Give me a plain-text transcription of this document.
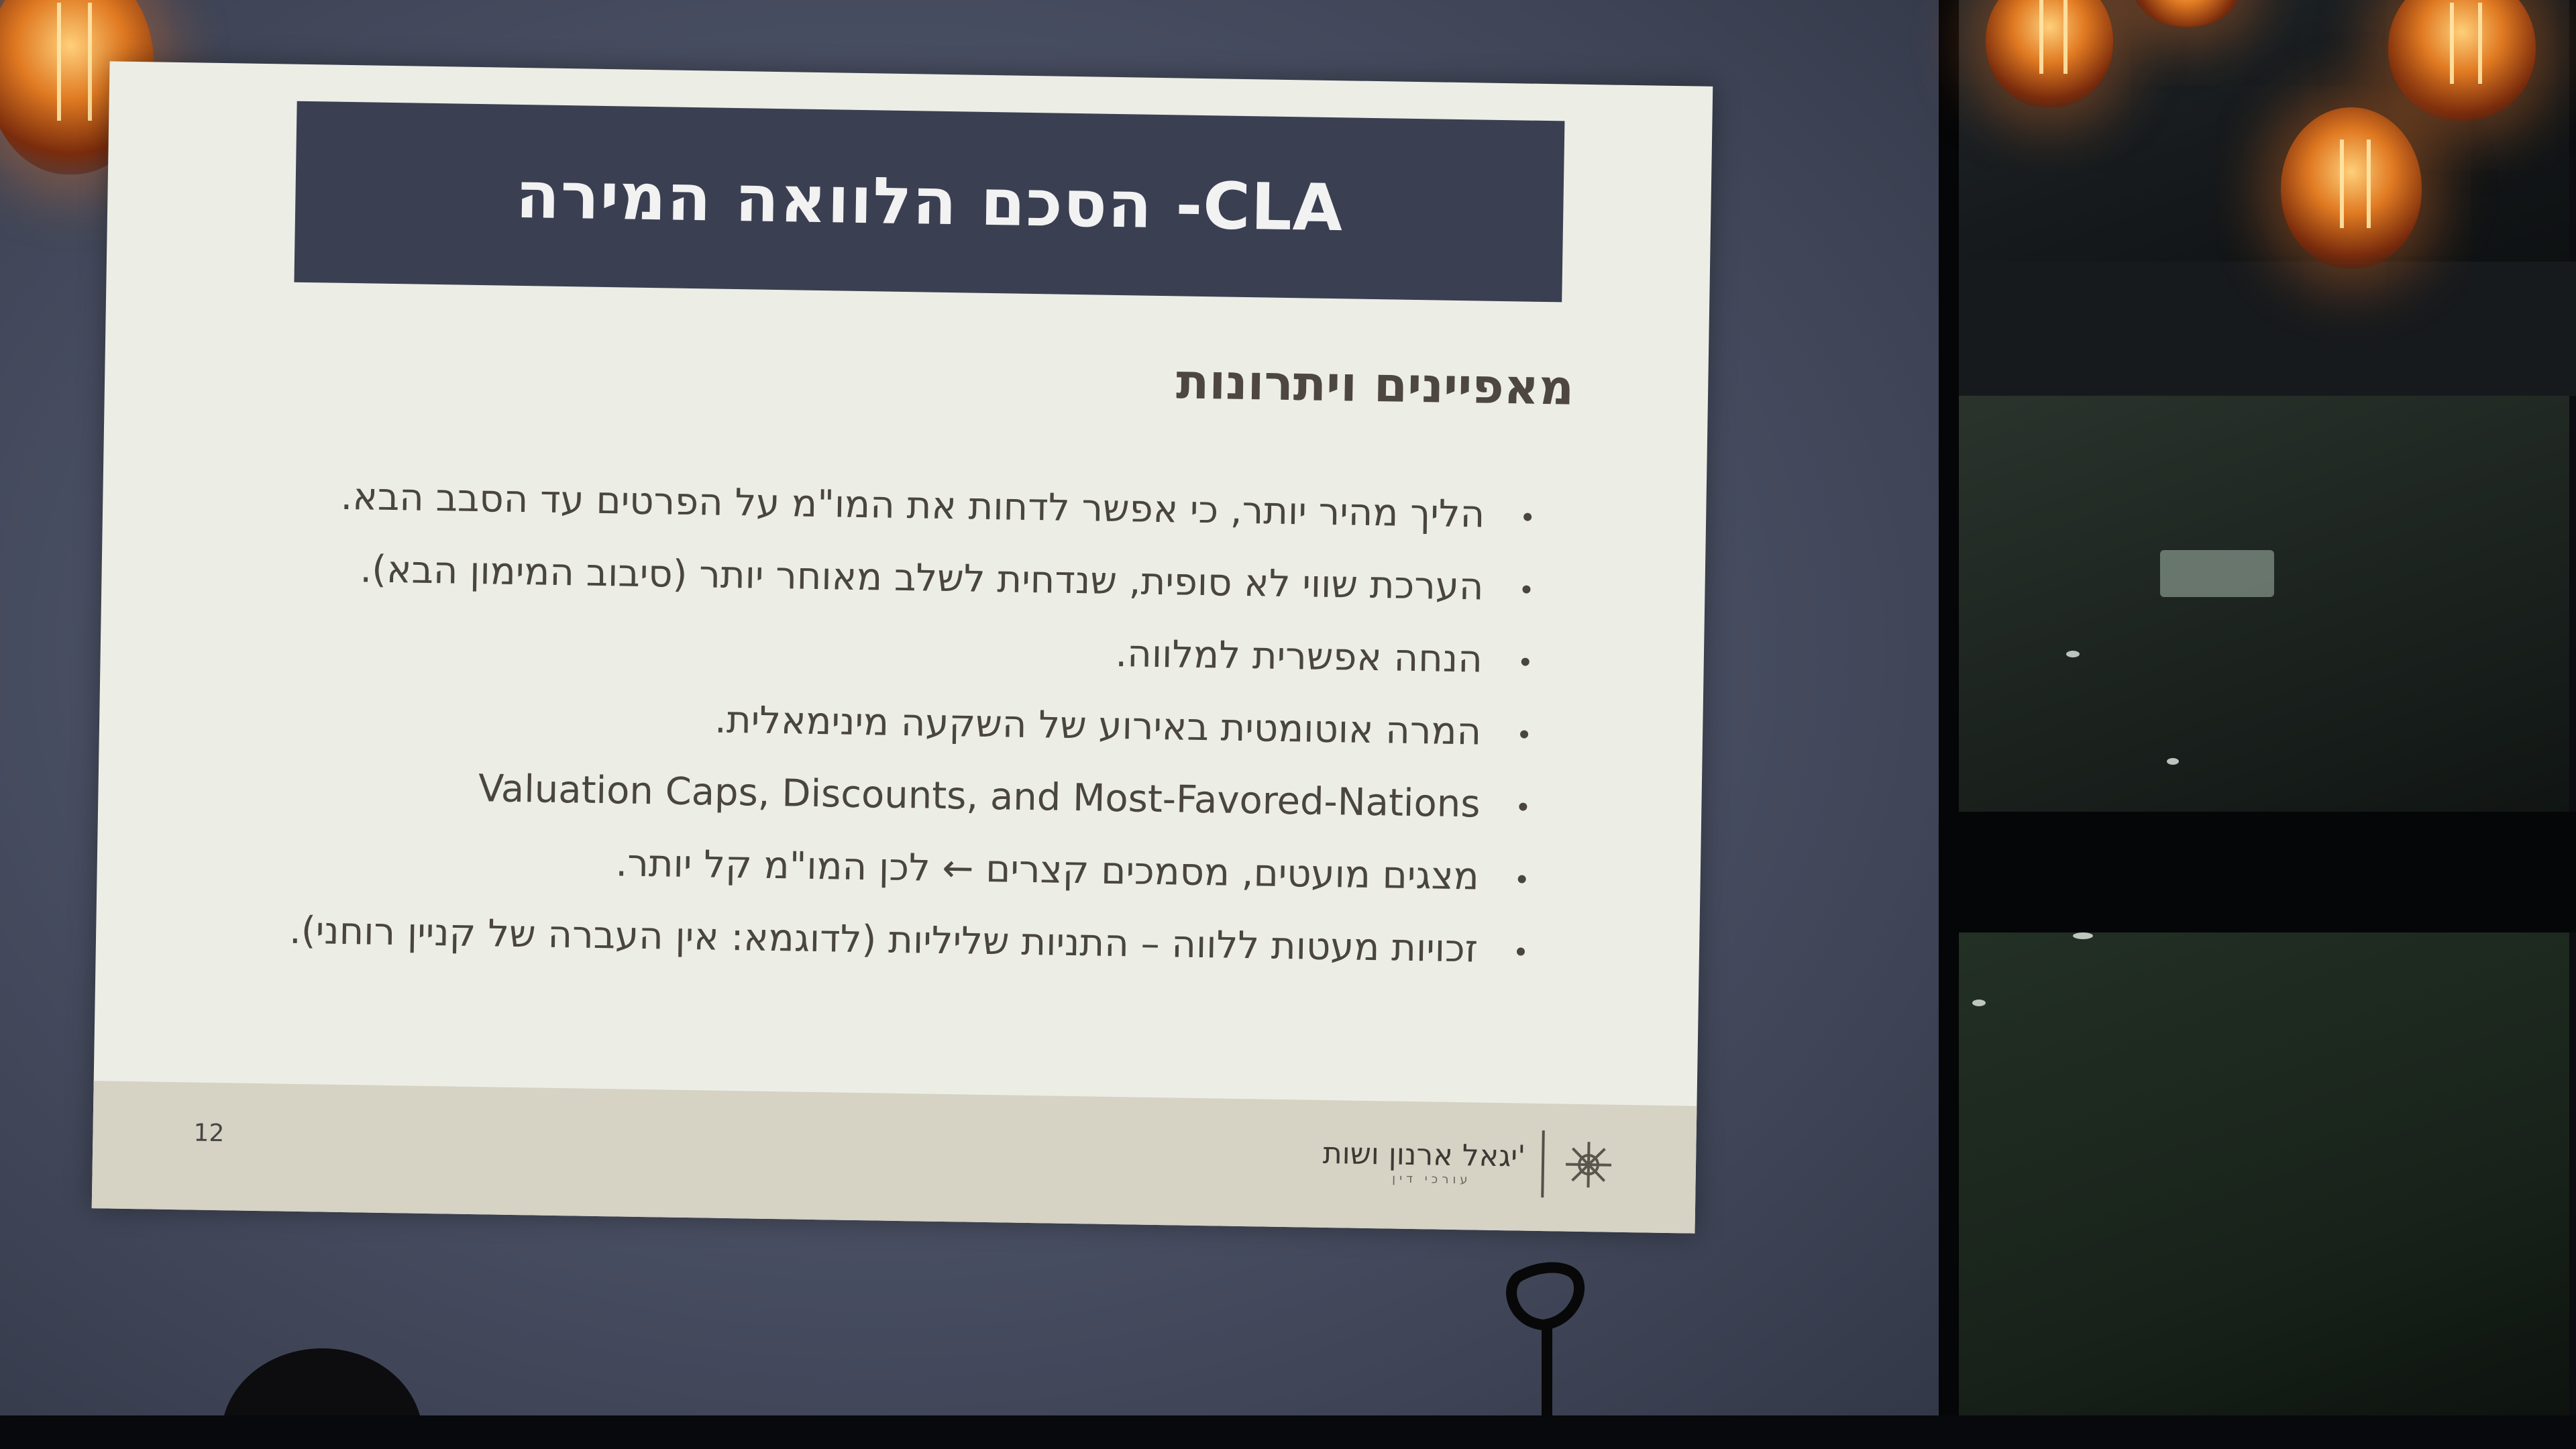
CLA- הסכם הלוואה המירה
מאפיינים ויתרונות
הליך מהיר יותר, כי אפשר לדחות את המו"מ על הפרטים עד הסבב הבא.
הערכת שווי לא סופית, שנדחית לשלב מאוחר יותר (סיבוב המימון הבא).
הנחה אפשרית למלווה.
המרה אוטומטית באירוע של השקעה מינימאלית.
Valuation Caps, Discounts, and Most-Favored-Nations
מצגים מועטים, מסמכים קצרים ← לכן המו"מ קל יותר.
זכויות מעטות ללווה – התניות שליליות (לדוגמא: אין העברה של קניין רוחני).
12
יגאל ארנון ושות'
עורכי דין
